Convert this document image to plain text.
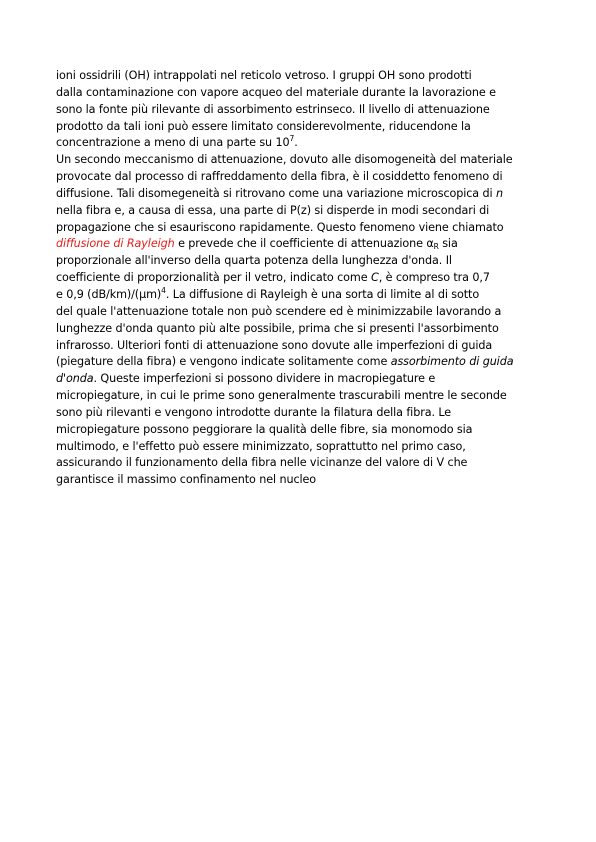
ioni ossidrili (OH) intrappolati nel reticolo vetroso. I gruppi OH sono prodotti
dalla contaminazione con vapore acqueo del materiale durante la lavorazione e
sono la fonte più rilevante di assorbimento estrinseco. Il livello di attenuazione
prodotto da tali ioni può essere limitato considerevolmente, riducendone la
concentrazione a meno di una parte su $10^7$.
Un secondo meccanismo di attenuazione, dovuto alle disomogeneità del materiale
provocate dal processo di raffreddamento della fibra, è il cosiddetto fenomeno di
diffusione. Tali disomegeneità si ritrovano come una variazione microscopica di n
nella fibra e, a causa di essa, una parte di P(z) si disperde in modi secondari di
propagazione che si esauriscono rapidamente. Questo fenomeno viene chiamato
diffusione di Rayleigh e prevede che il coefficiente di attenuazione $\alpha_R$ sia
proporzionale all'inverso della quarta potenza della lunghezza d'onda. Il
coefficiente di proporzionalità per il vetro, indicato come C, è compreso tra 0,7
e 0,9 $(dB/km)/(\mu m)^4$. La diffusione di Rayleigh è una sorta di limite al di sotto
del quale l'attenuazione totale non può scendere ed è minimizzabile lavorando a
lunghezze d'onda quanto più alte possibile, prima che si presenti l'assorbimento
infrarosso. Ulteriori fonti di attenuazione sono dovute alle imperfezioni di guida
(piegature della fibra) e vengono indicate solitamente come assorbimento di guida
d'onda. Queste imperfezioni si possono dividere in macropiegature e
micropiegature, in cui le prime sono generalmente trascurabili mentre le seconde
sono più rilevanti e vengono introdotte durante la filatura della fibra. Le
micropiegature possono peggiorare la qualità delle fibre, sia monomodo sia
multimodo, e l'effetto può essere minimizzato, soprattutto nel primo caso,
assicurando il funzionamento della fibra nelle vicinanze del valore di V che
garantisce il massimo confinamento nel nucleo
